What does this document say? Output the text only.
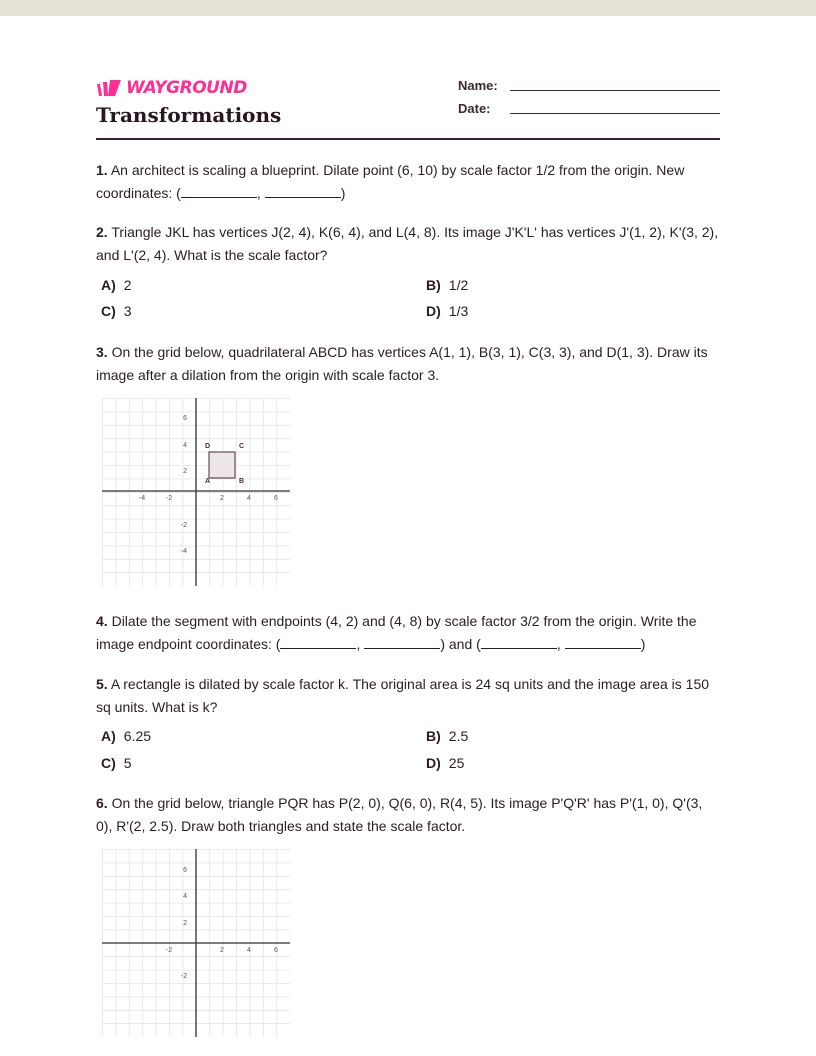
WAYGROUND
Transformations
Name:
Date:
1. An architect is scaling a blueprint. Dilate point (6, 10) by scale factor 1/2 from the origin. New coordinates: (	,	)
2. Triangle JKL has vertices J(2, 4), K(6, 4), and L(4, 8). Its image J'K'L' has vertices J'(1, 2), K'(3, 2), and L'(2, 4). What is the scale factor?
A) 2	B) 1/2
C) 3	D) 1/3
3. On the grid below, quadrilateral ABCD has vertices A(1, 1), B(3, 1), C(3, 3), and D(1, 3). Draw its image after a dilation from the origin with scale factor 3.
-4	-2	2	4	6
6
4
2
-2
-4
A	B
C
D
4. Dilate the segment with endpoints (4, 2) and (4, 8) by scale factor 3/2 from the origin. Write the image endpoint coordinates: (	,	) and (	,	)
5. A rectangle is dilated by scale factor k. The original area is 24 sq units and the image area is 150 sq units. What is k?
A) 6.25	B) 2.5
C) 5	D) 25
6. On the grid below, triangle PQR has P(2, 0), Q(6, 0), R(4, 5). Its image P'Q'R' has P'(1, 0), Q'(3, 0), R'(2, 2.5). Draw both triangles and state the scale factor.
-2	2	4	6
6
4
2
-2
